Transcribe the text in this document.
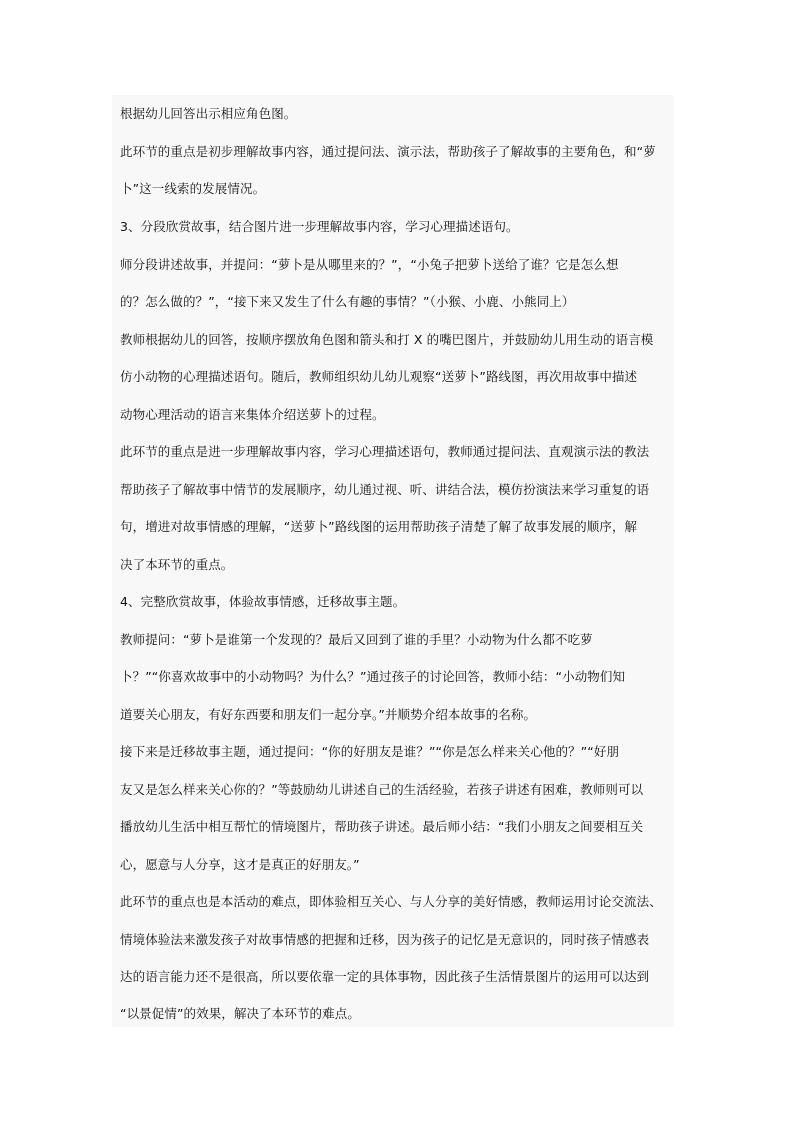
根据幼儿回答出示相应角色图。
此环节的重点是初步理解故事内容，通过提问法、演示法，帮助孩子了解故事的主要角色，和“萝
卜”这一线索的发展情况。
3、分段欣赏故事，结合图片进一步理解故事内容，学习心理描述语句。
师分段讲述故事，并提问：“萝卜是从哪里来的？”，“小兔子把萝卜送给了谁？它是怎么想
的？怎么做的？”，“接下来又发生了什么有趣的事情？”（小猴、小鹿、小熊同上）
教师根据幼儿的回答，按顺序摆放角色图和箭头和打 X 的嘴巴图片，并鼓励幼儿用生动的语言模
仿小动物的心理描述语句。随后，教师组织幼儿幼儿观察“送萝卜”路线图，再次用故事中描述
动物心理活动的语言来集体介绍送萝卜的过程。
此环节的重点是进一步理解故事内容，学习心理描述语句，教师通过提问法、直观演示法的教法
帮助孩子了解故事中情节的发展顺序，幼儿通过视、听、讲结合法，模仿扮演法来学习重复的语
句，增进对故事情感的理解，“送萝卜”路线图的运用帮助孩子清楚了解了故事发展的顺序，解
决了本环节的重点。
4、完整欣赏故事，体验故事情感，迁移故事主题。
教师提问：“萝卜是谁第一个发现的？最后又回到了谁的手里？小动物为什么都不吃萝
卜？”“你喜欢故事中的小动物吗？为什么？”通过孩子的讨论回答，教师小结：“小动物们知
道要关心朋友，有好东西要和朋友们一起分享。”并顺势介绍本故事的名称。
接下来是迁移故事主题，通过提问：“你的好朋友是谁？”“你是怎么样来关心他的？”“好朋
友又是怎么样来关心你的？”等鼓励幼儿讲述自己的生活经验，若孩子讲述有困难，教师则可以
播放幼儿生活中相互帮忙的情境图片，帮助孩子讲述。最后师小结：“我们小朋友之间要相互关
心，愿意与人分享，这才是真正的好朋友。”
此环节的重点也是本活动的难点，即体验相互关心、与人分享的美好情感，教师运用讨论交流法、
情境体验法来激发孩子对故事情感的把握和迁移，因为孩子的记忆是无意识的，同时孩子情感表
达的语言能力还不是很高，所以要依靠一定的具体事物，因此孩子生活情景图片的运用可以达到
“以景促情”的效果，解决了本环节的难点。
